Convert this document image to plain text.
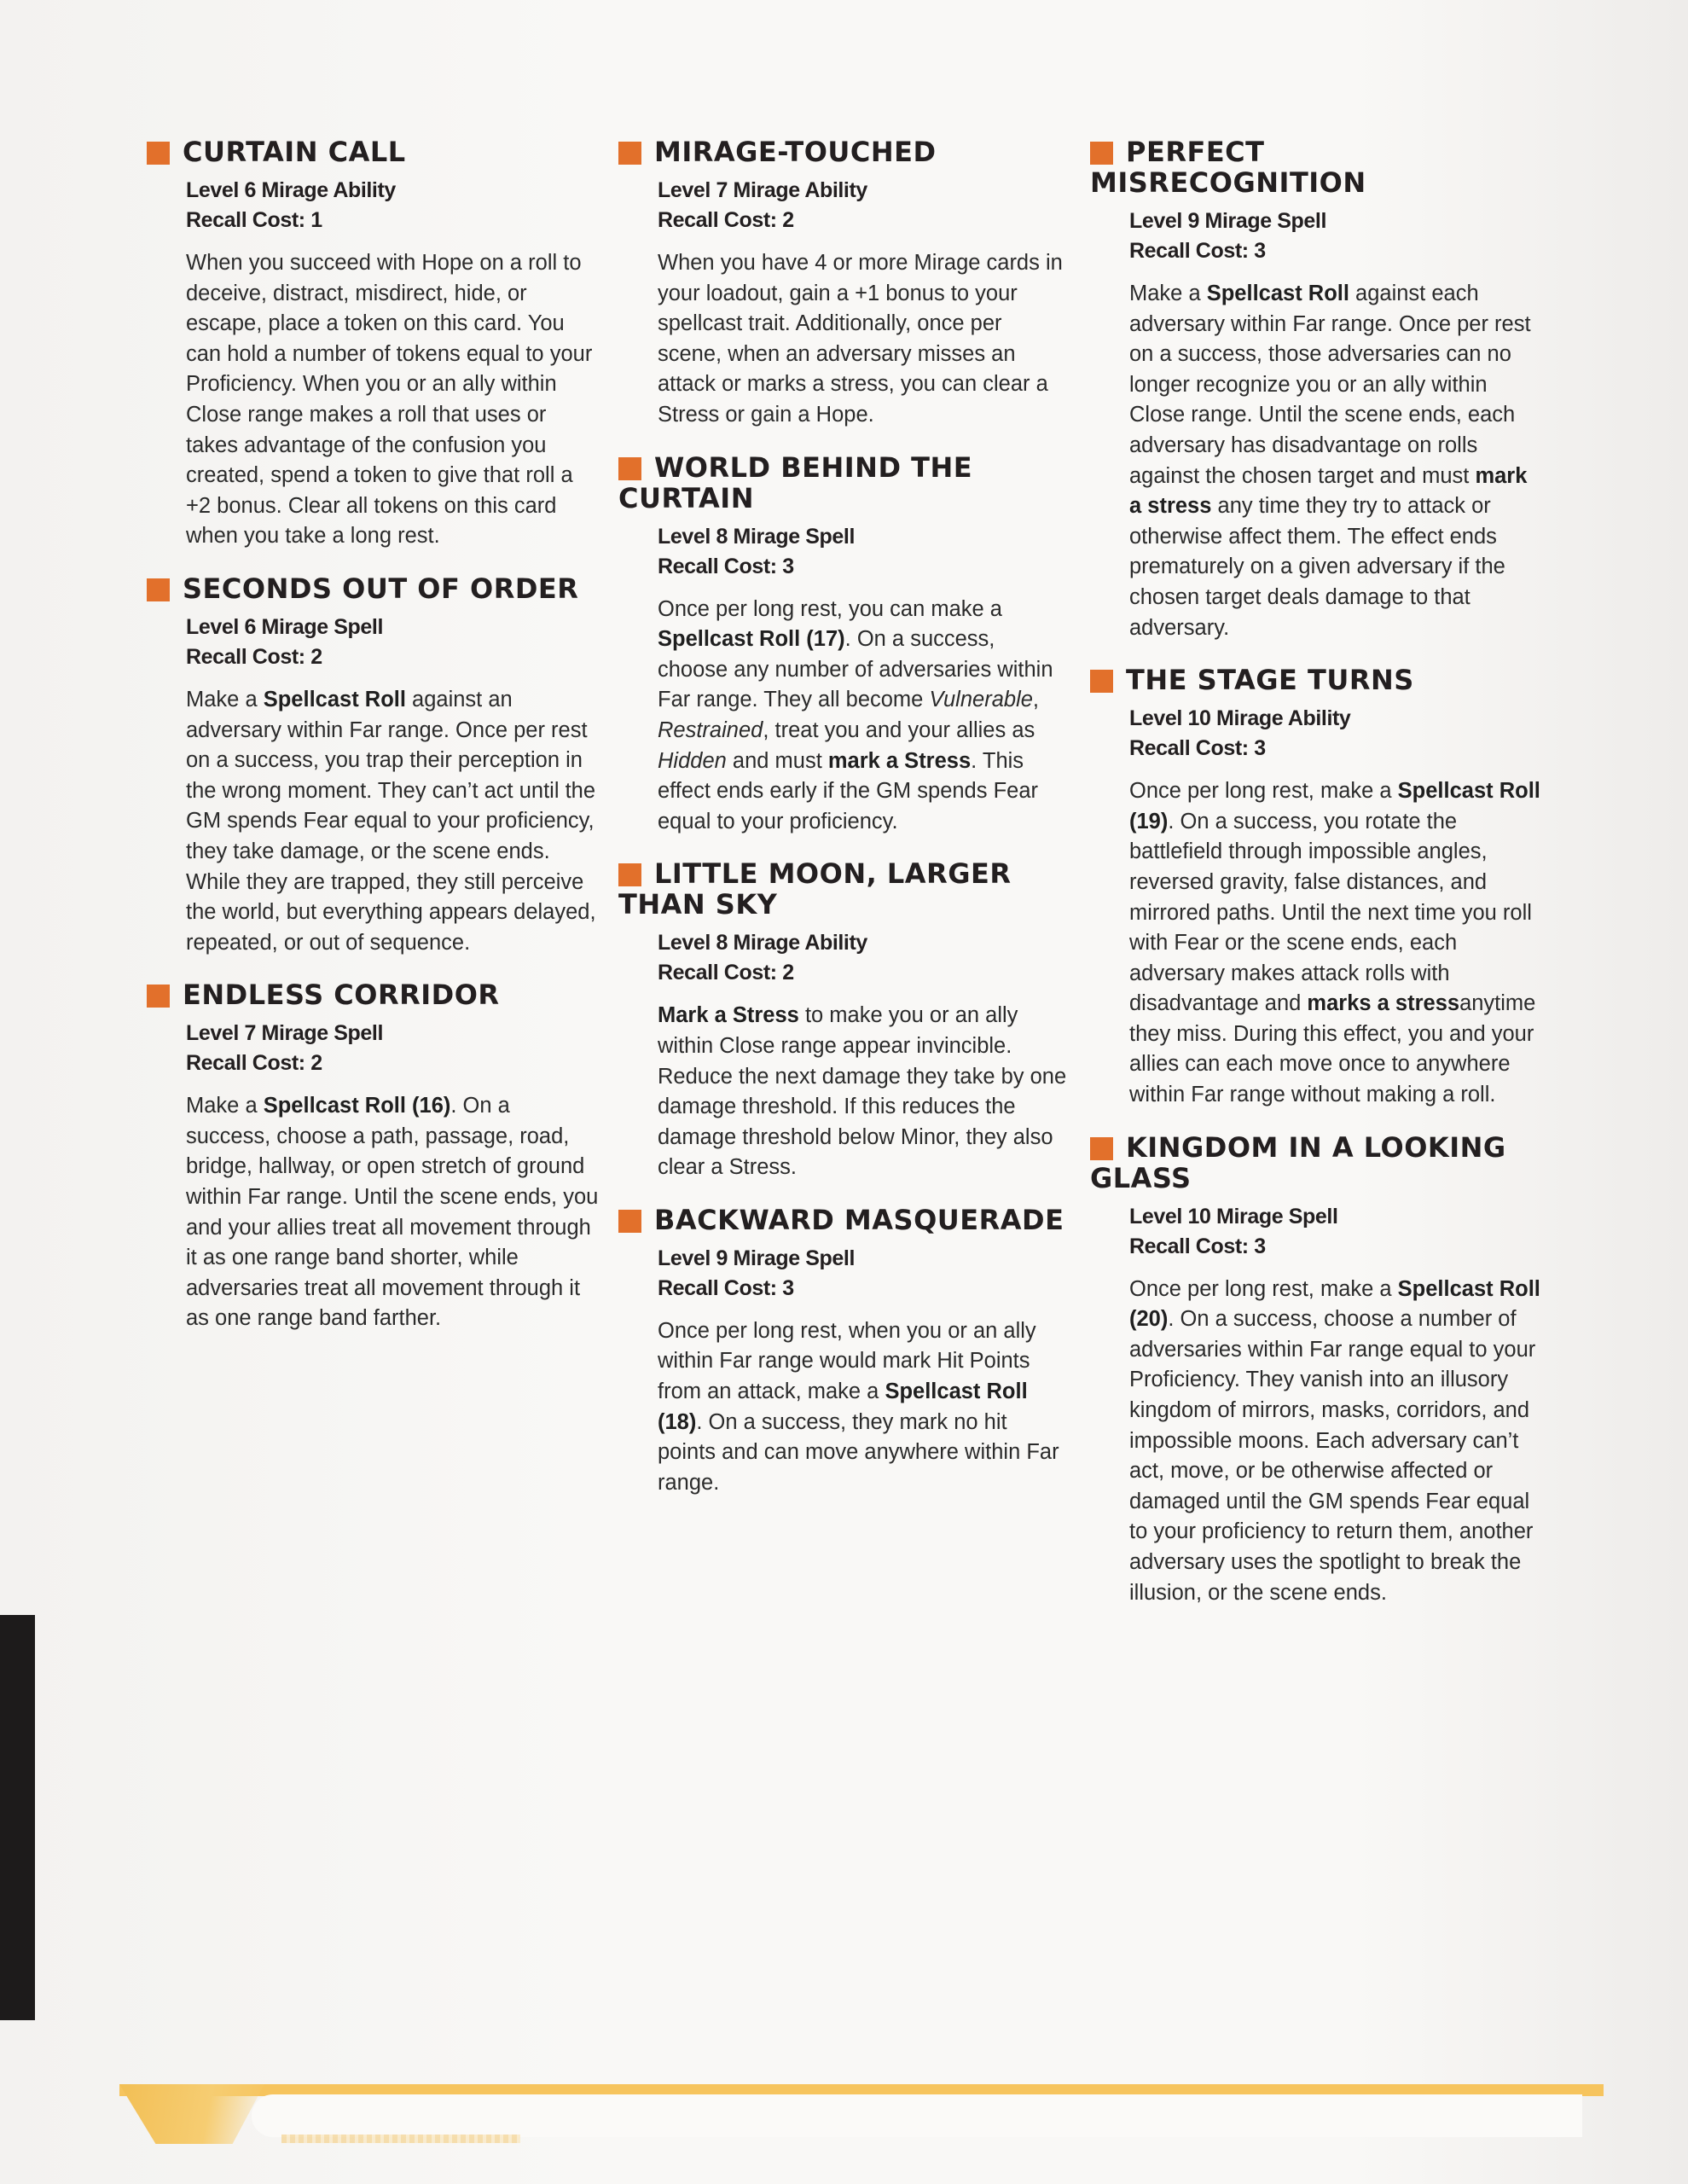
CURTAIN CALL
Level 6 Mirage Ability
Recall Cost: 1
When you succeed with Hope on a roll to deceive, distract, misdirect, hide, or escape, place a token on this card. You can hold a number of tokens equal to your Proficiency. When you or an ally within Close range makes a roll that uses or takes advantage of the confusion you created, spend a token to give that roll a +2 bonus. Clear all tokens on this card when you take a long rest.
SECONDS OUT OF ORDER
Level 6 Mirage Spell
Recall Cost: 2
Make a Spellcast Roll against an adversary within Far range. Once per rest on a success, you trap their perception in the wrong moment. They can’t act until the GM spends Fear equal to your proficiency, they take damage, or the scene ends. While they are trapped, they still perceive the world, but everything appears delayed, repeated, or out of sequence.
ENDLESS CORRIDOR
Level 7 Mirage Spell
Recall Cost: 2
Make a Spellcast Roll (16). On a success, choose a path, passage, road, bridge, hallway, or open stretch of ground within Far range. Until the scene ends, you and your allies treat all movement through it as one range band shorter, while adversaries treat all movement through it as one range band farther.
MIRAGE-TOUCHED
Level 7 Mirage Ability
Recall Cost: 2
When you have 4 or more Mirage cards in your loadout, gain a +1 bonus to your spellcast trait. Additionally, once per scene, when an adversary misses an attack or marks a stress, you can clear a Stress or gain a Hope.
WORLD BEHIND THE CURTAIN
Level 8 Mirage Spell
Recall Cost: 3
Once per long rest, you can make a Spellcast Roll (17). On a success, choose any number of adversaries within Far range. They all become Vulnerable, Restrained, treat you and your allies as Hidden and must mark a Stress. This effect ends early if the GM spends Fear equal to your proficiency.
LITTLE MOON, LARGER THAN SKY
Level 8 Mirage Ability
Recall Cost: 2
Mark a Stress to make you or an ally within Close range appear invincible. Reduce the next damage they take by one damage threshold. If this reduces the damage threshold below Minor, they also clear a Stress.
BACKWARD MASQUERADE
Level 9 Mirage Spell
Recall Cost: 3
Once per long rest, when you or an ally within Far range would mark Hit Points from an attack, make a Spellcast Roll (18). On a success, they mark no hit points and can move anywhere within Far range.
PERFECT MISRECOGNITION
Level 9 Mirage Spell
Recall Cost: 3
Make a Spellcast Roll against each adversary within Far range. Once per rest on a success, those adversaries can no longer recognize you or an ally within Close range. Until the scene ends, each adversary has disadvantage on rolls against the chosen target and must mark a stress any time they try to attack or otherwise affect them. The effect ends prematurely on a given adversary if the chosen target deals damage to that adversary.
THE STAGE TURNS
Level 10 Mirage Ability
Recall Cost: 3
Once per long rest, make a Spellcast Roll (19). On a success, you rotate the battlefield through impossible angles, reversed gravity, false distances, and mirrored paths. Until the next time you roll with Fear or the scene ends, each adversary makes attack rolls with disadvantage and marks a stressanytime they miss. During this effect, you and your allies can each move once to anywhere within Far range without making a roll.
KINGDOM IN A LOOKING GLASS
Level 10 Mirage Spell
Recall Cost: 3
Once per long rest, make a Spellcast Roll (20). On a success, choose a number of adversaries within Far range equal to your Proficiency. They vanish into an illusory kingdom of mirrors, masks, corridors, and impossible moons. Each adversary can’t act, move, or be otherwise affected or damaged until the GM spends Fear equal to your proficiency to return them, another adversary uses the spotlight to break the illusion, or the scene ends.
